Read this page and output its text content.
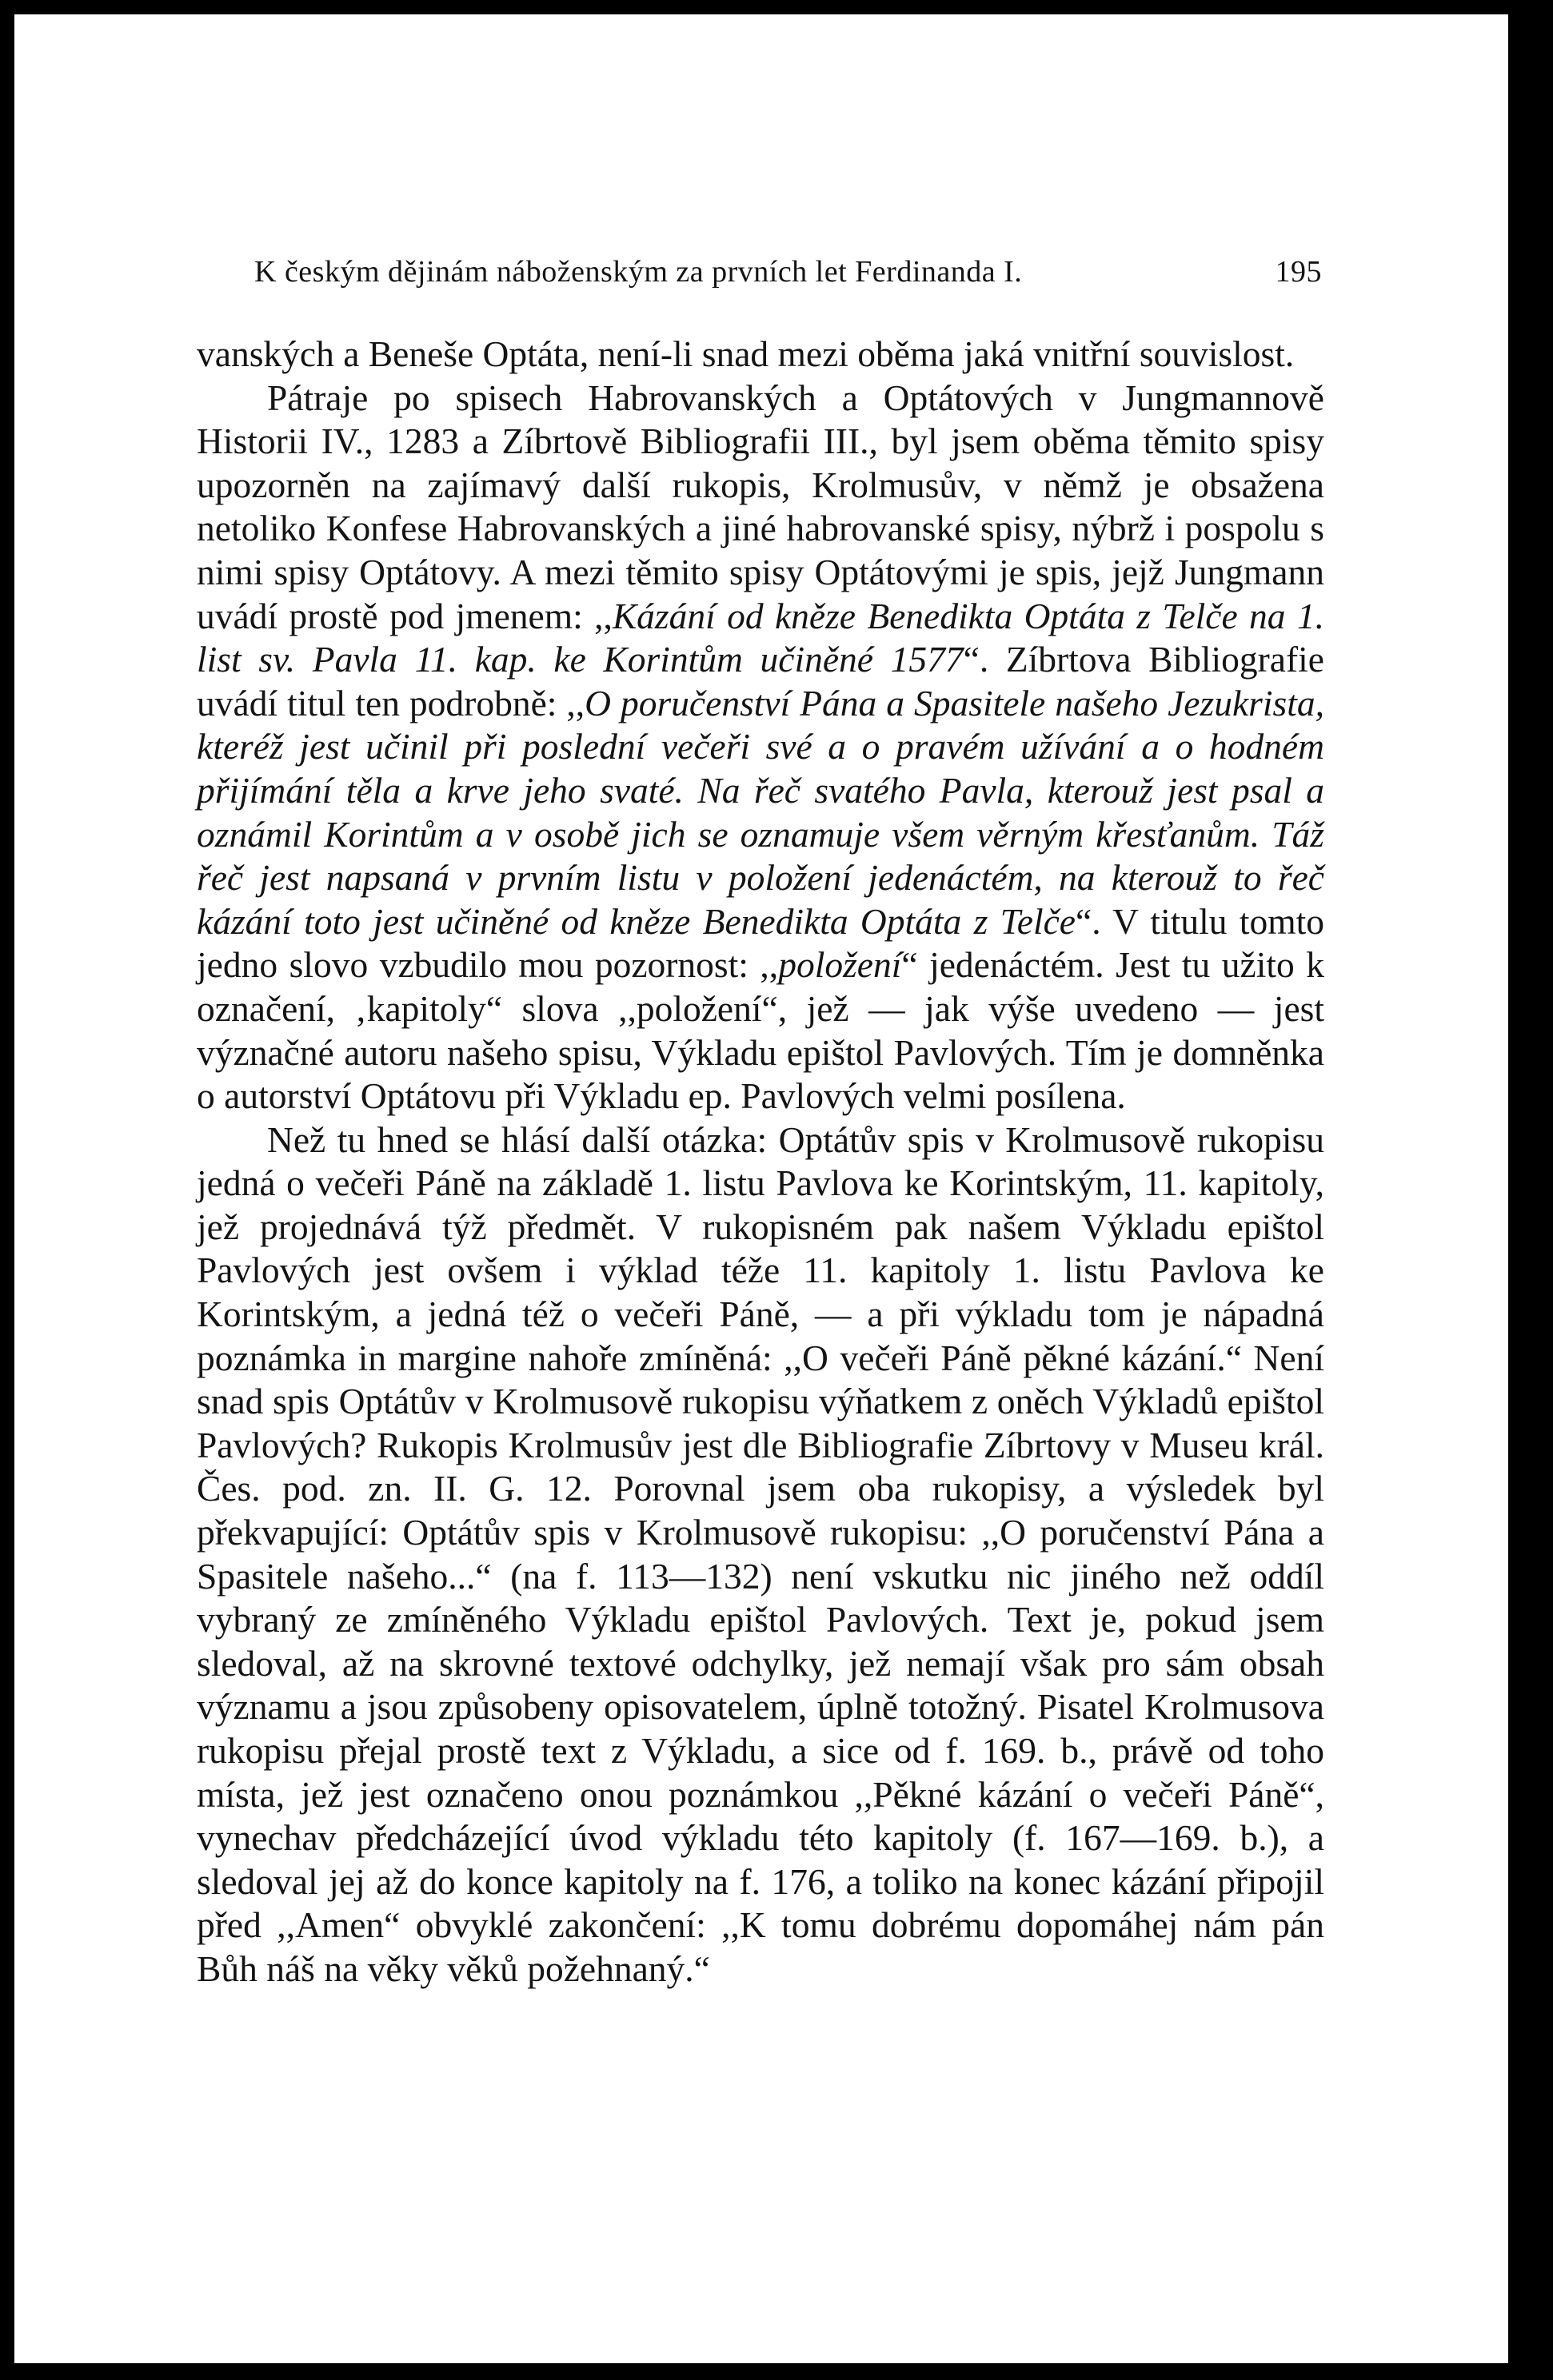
K českým dějinám náboženským za prvních let Ferdinanda I.	195

vanských a Beneše Optáta, není-li snad mezi oběma jaká vnitřní souvislost.

Pátraje po spisech Habrovanských a Optátových v Jungmannově Historii IV., 1283 a Zíbrtově Bibliografii III., byl jsem oběma těmito spisy upozorněn na zajímavý další rukopis, Krolmusův, v němž je obsažena netoliko Konfese Habrovanských a jiné habrovanské spisy, nýbrž i pospolu s nimi spisy Optátovy. A mezi těmito spisy Optátovými je spis, jejž Jungmann uvádí prostě pod jmenem: ,,Kázání od kněze Benedikta Optáta z Telče na 1. list sv. Pavla 11. kap. ke Korintům učiněné 1577“. Zíbrtova Bibliografie uvádí titul ten podrobně: ,,O poručenství Pána a Spasitele našeho Jezukrista, kteréž jest učinil při poslední večeři své a o pravém užívání a o hodném přijímání těla a krve jeho svaté. Na řeč svatého Pavla, kterouž jest psal a oznámil Korintům a v osobě jich se oznamuje všem věrným křesťanům. Táž řeč jest napsaná v prvním listu v položení jedenáctém, na kterouž to řeč kázání toto jest učiněné od kněze Benedikta Optáta z Telče“. V titulu tomto jedno slovo vzbudilo mou pozornost: ,,položení“ jedenáctém. Jest tu užito k označení, ‚kapitoly“ slova ,,položení“, jež — jak výše uvedeno — jest význačné autoru našeho spisu, Výkladu epištol Pavlových. Tím je domněnka o autorství Optátovu při Výkladu ep. Pavlových velmi posílena.

Než tu hned se hlásí další otázka: Optátův spis v Krolmusově rukopisu jedná o večeři Páně na základě 1. listu Pavlova ke Korintským, 11. kapitoly, jež projednává týž předmět. V rukopisném pak našem Výkladu epištol Pavlových jest ovšem i výklad téže 11. kapitoly 1. listu Pavlova ke Korintským, a jedná též o večeři Páně, — a při výkladu tom je nápadná poznámka in margine nahoře zmíněná: ,,O večeři Páně pěkné kázání.“ Není snad spis Optátův v Krolmusově rukopisu výňatkem z oněch Výkladů epištol Pavlových? Rukopis Krolmusův jest dle Bibliografie Zíbrtovy v Museu král. Čes. pod. zn. II. G. 12. Porovnal jsem oba rukopisy, a výsledek byl překvapující: Optátův spis v Krolmusově rukopisu: ,,O poručenství Pána a Spasitele našeho...“ (na f. 113—132) není vskutku nic jiného než oddíl vybraný ze zmíněného Výkladu epištol Pavlových. Text je, pokud jsem sledoval, až na skrovné textové odchylky, jež nemají však pro sám obsah významu a jsou způsobeny opisovatelem, úplně totožný. Pisatel Krolmusova rukopisu přejal prostě text z Výkladu, a sice od f. 169. b., právě od toho místa, jež jest označeno onou poznámkou ,,Pěkné kázání o večeři Páně“, vynechav předcházející úvod výkladu této kapitoly (f. 167—169. b.), a sledoval jej až do konce kapitoly na f. 176, a toliko na konec kázání připojil před ,,Amen“ obvyklé zakončení: ,,K tomu dobrému dopomáhej nám pán Bůh náš na věky věků požehnaný.“
